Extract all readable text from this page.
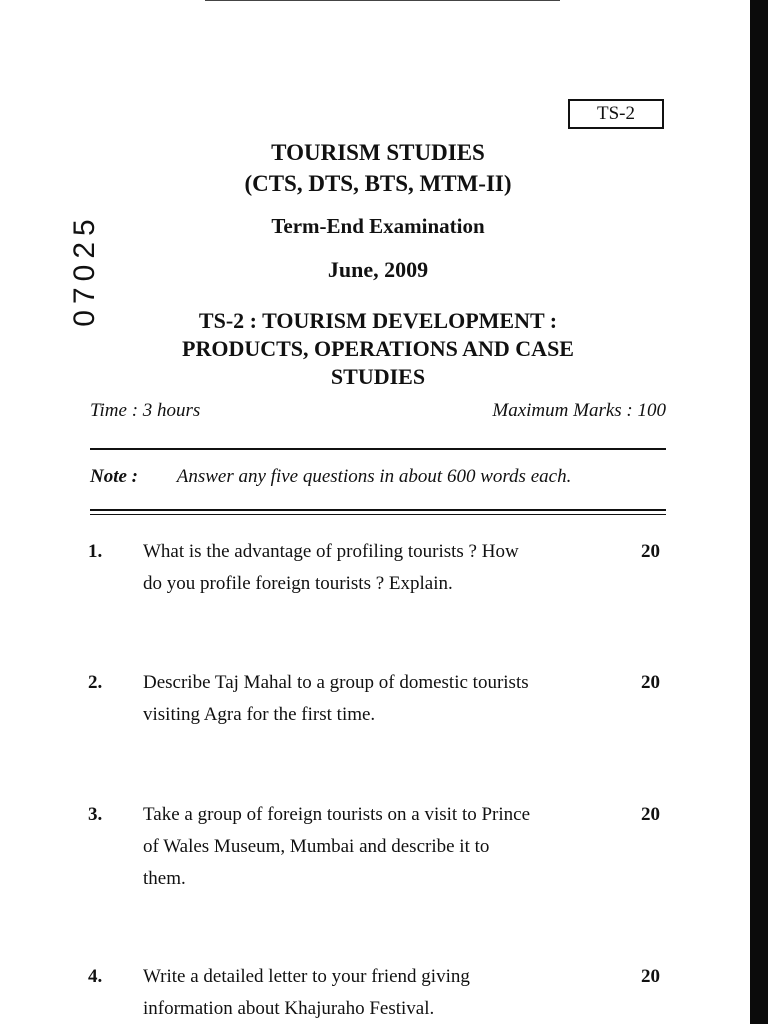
TS-2
07025
TOURISM STUDIES
(CTS, DTS, BTS, MTM-II)
Term-End Examination
June, 2009
TS-2 : TOURISM DEVELOPMENT :
PRODUCTS, OPERATIONS AND CASE
STUDIES
Time : 3 hours	Maximum Marks : 100
Note : Answer any five questions in about 600 words each.
1. What is the advantage of profiling tourists ? How
do you profile foreign tourists ? Explain.
20
2. Describe Taj Mahal to a group of domestic tourists
visiting Agra for the first time.
20
3. Take a group of foreign tourists on a visit to Prince
of Wales Museum, Mumbai and describe it to
them.
20
4. Write a detailed letter to your friend giving
information about Khajuraho Festival.
20
